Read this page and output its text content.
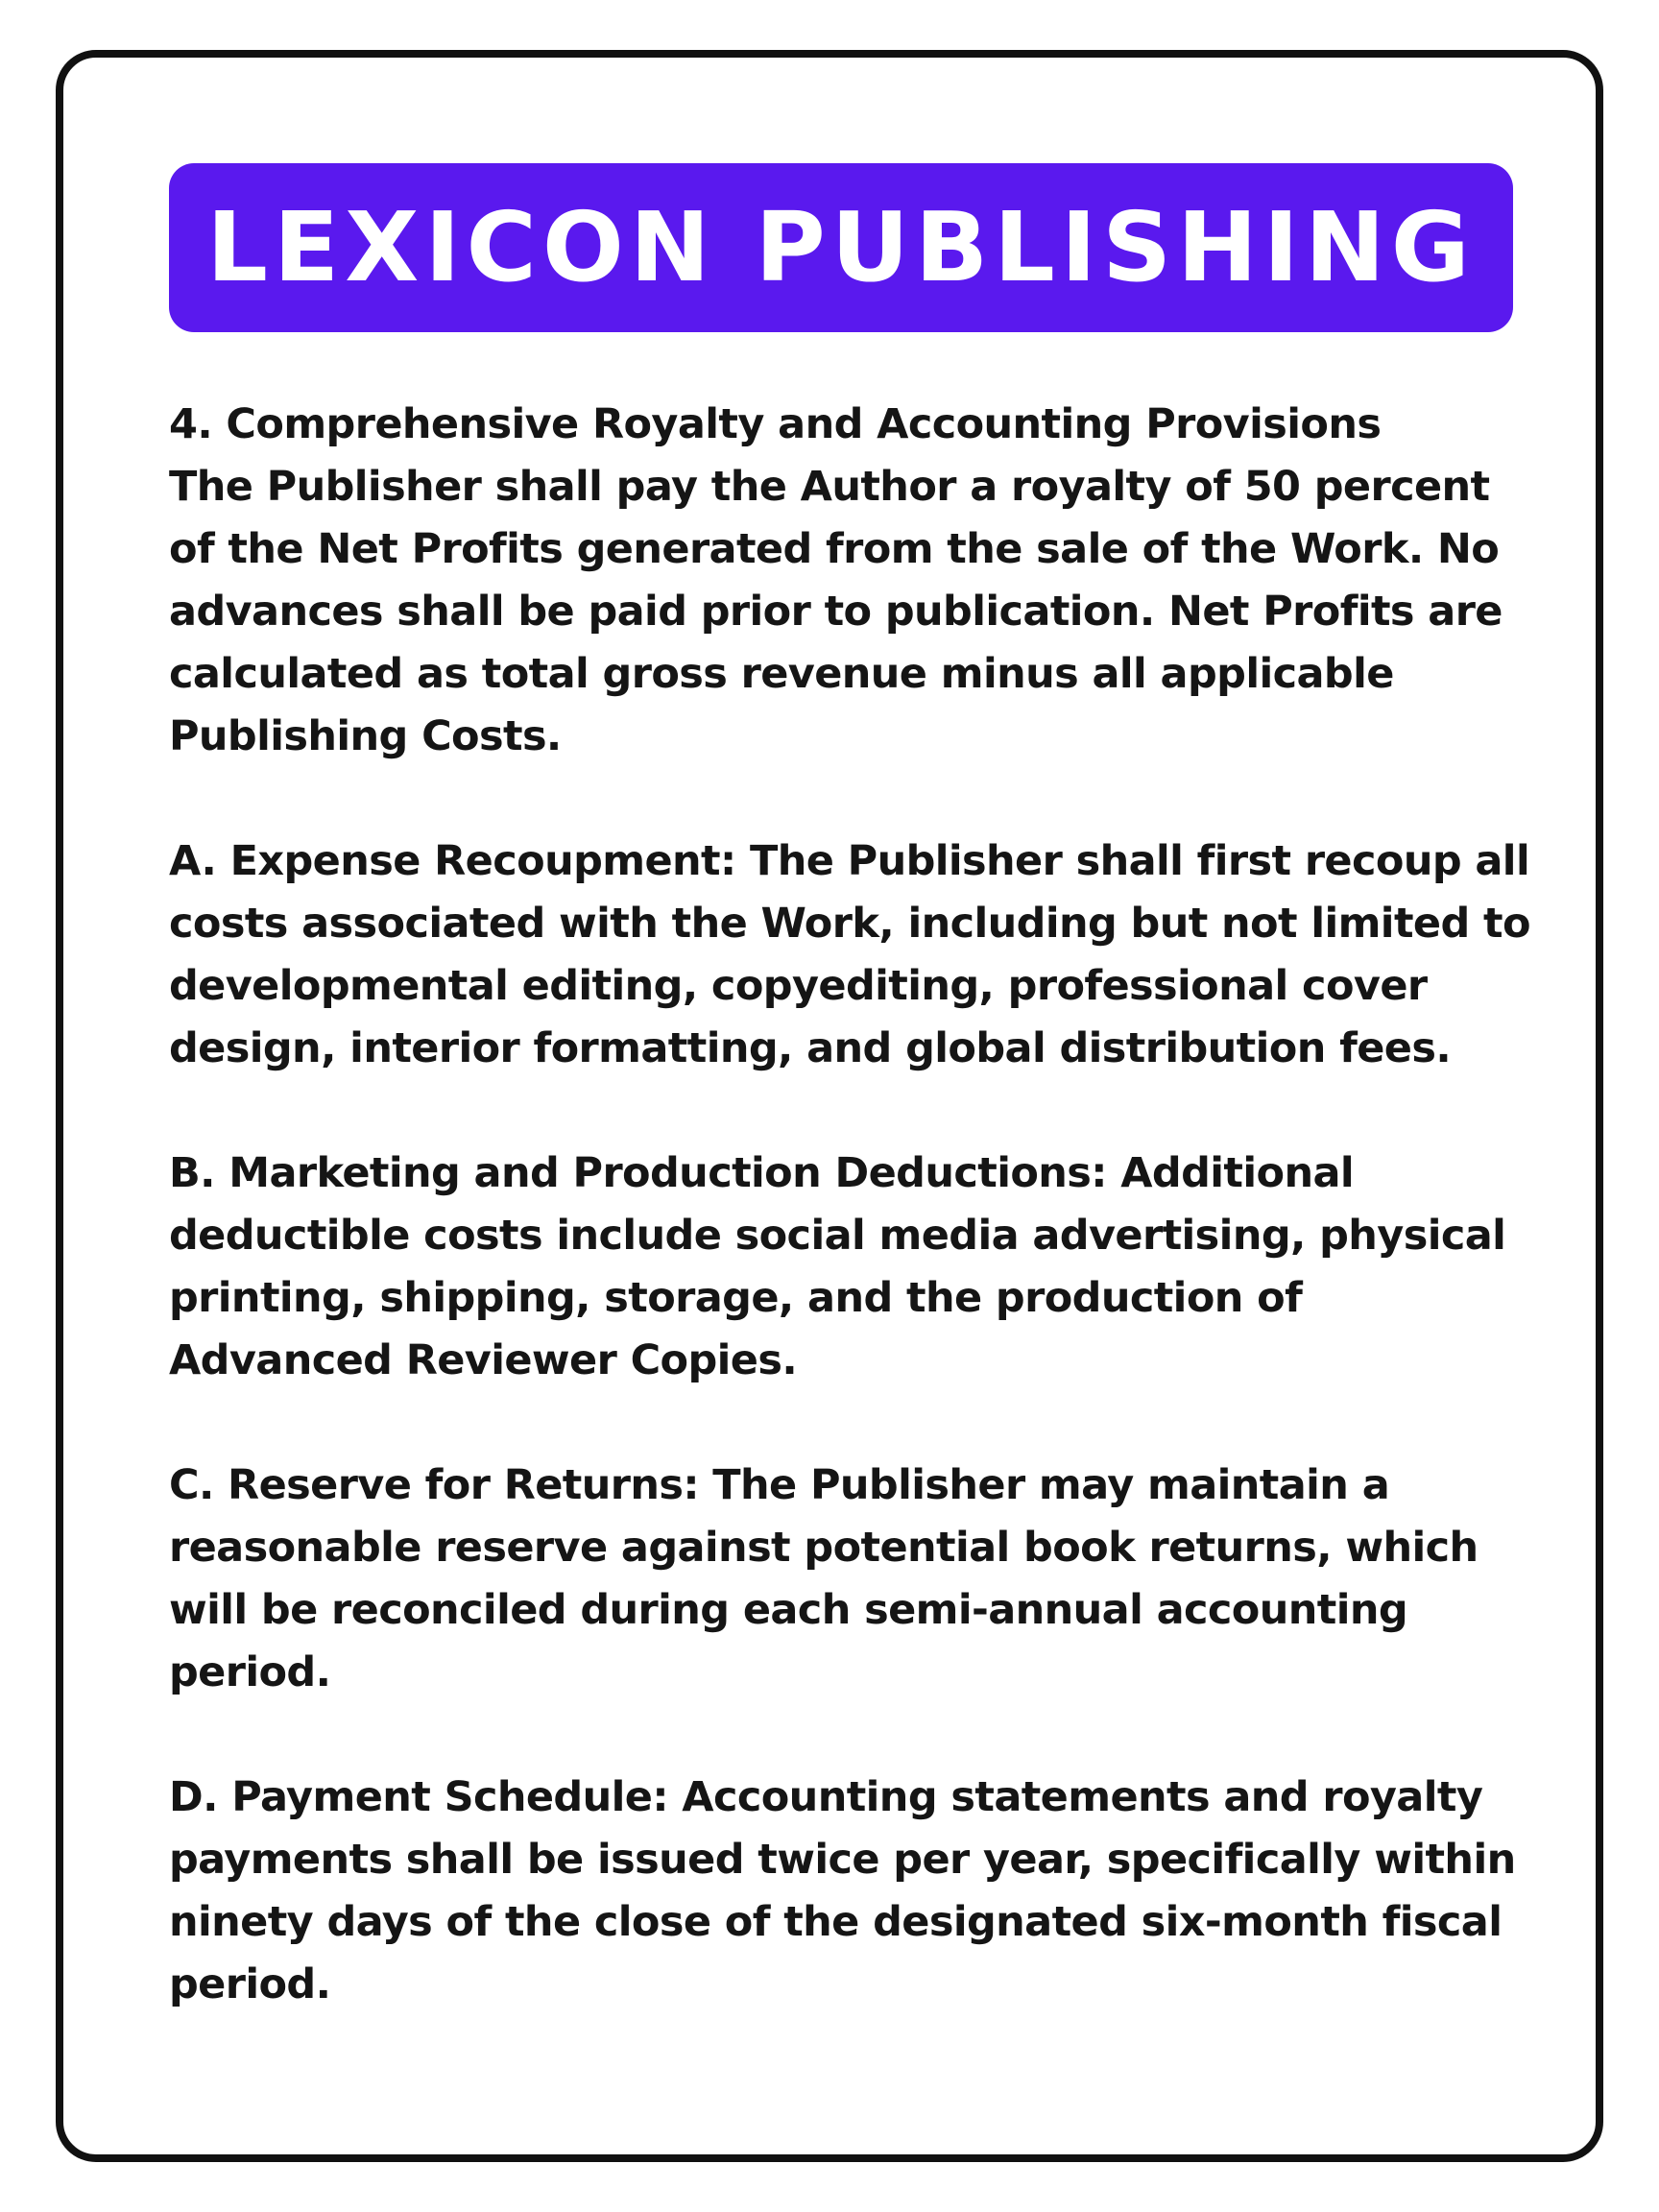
LEXICON PUBLISHING

4. Comprehensive Royalty and Accounting Provisions
The Publisher shall pay the Author a royalty of 50 percent of the Net Profits generated from the sale of the Work. No advances shall be paid prior to publication. Net Profits are calculated as total gross revenue minus all applicable Publishing Costs.

A. Expense Recoupment: The Publisher shall first recoup all costs associated with the Work, including but not limited to developmental editing, copyediting, professional cover design, interior formatting, and global distribution fees.

B. Marketing and Production Deductions: Additional deductible costs include social media advertising, physical printing, shipping, storage, and the production of Advanced Reviewer Copies.

C. Reserve for Returns: The Publisher may maintain a reasonable reserve against potential book returns, which will be reconciled during each semi-annual accounting period.

D. Payment Schedule: Accounting statements and royalty payments shall be issued twice per year, specifically within ninety days of the close of the designated six-month fiscal period.
